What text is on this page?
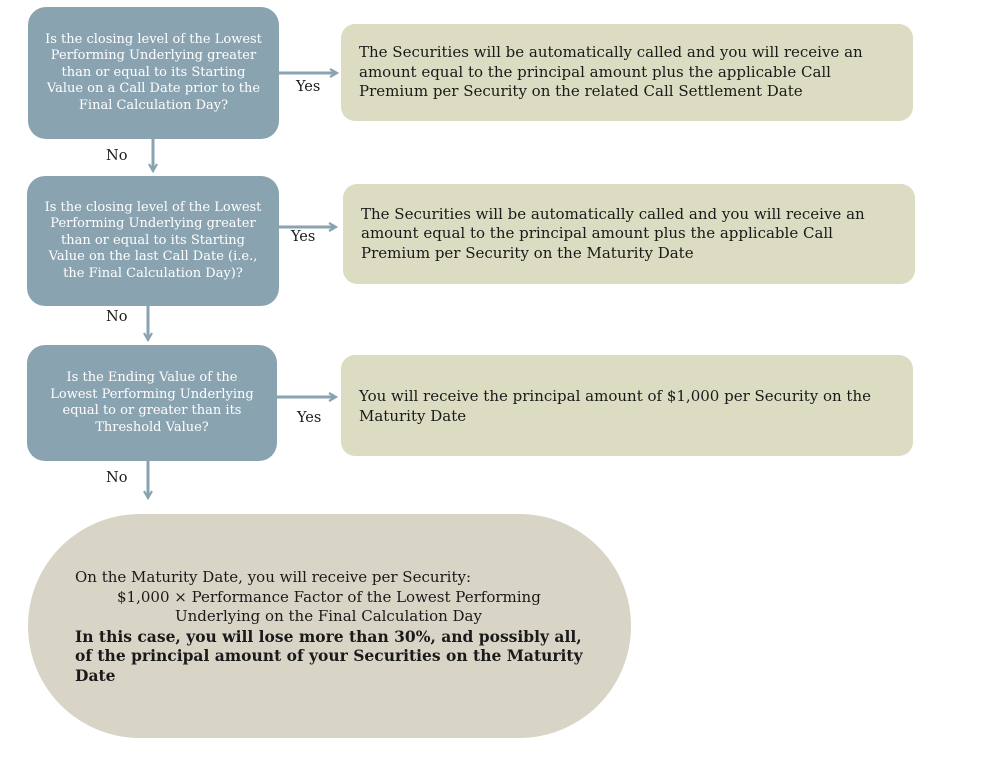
Is the closing level of the Lowest Performing Underlying greater than or equal to its Starting Value on a Call Date prior to the Final Calculation Day?
Yes
The Securities will be automatically called and you will receive an amount equal to the principal amount plus the applicable Call Premium per Security on the related Call Settlement Date
No
Is the closing level of the Lowest Performing Underlying greater than or equal to its Starting Value on the last Call Date (i.e., the Final Calculation Day)?
Yes
The Securities will be automatically called and you will receive an amount equal to the principal amount plus the applicable Call Premium per Security on the Maturity Date
No
Is the Ending Value of the Lowest Performing Underlying equal to or greater than its Threshold Value?
Yes
You will receive the principal amount of $1,000 per Security on the Maturity Date
No
On the Maturity Date, you will receive per Security:
$1,000 × Performance Factor of the Lowest Performing
Underlying on the Final Calculation Day
In this case, you will lose more than 30%, and possibly all, of the principal amount of your Securities on the Maturity Date
